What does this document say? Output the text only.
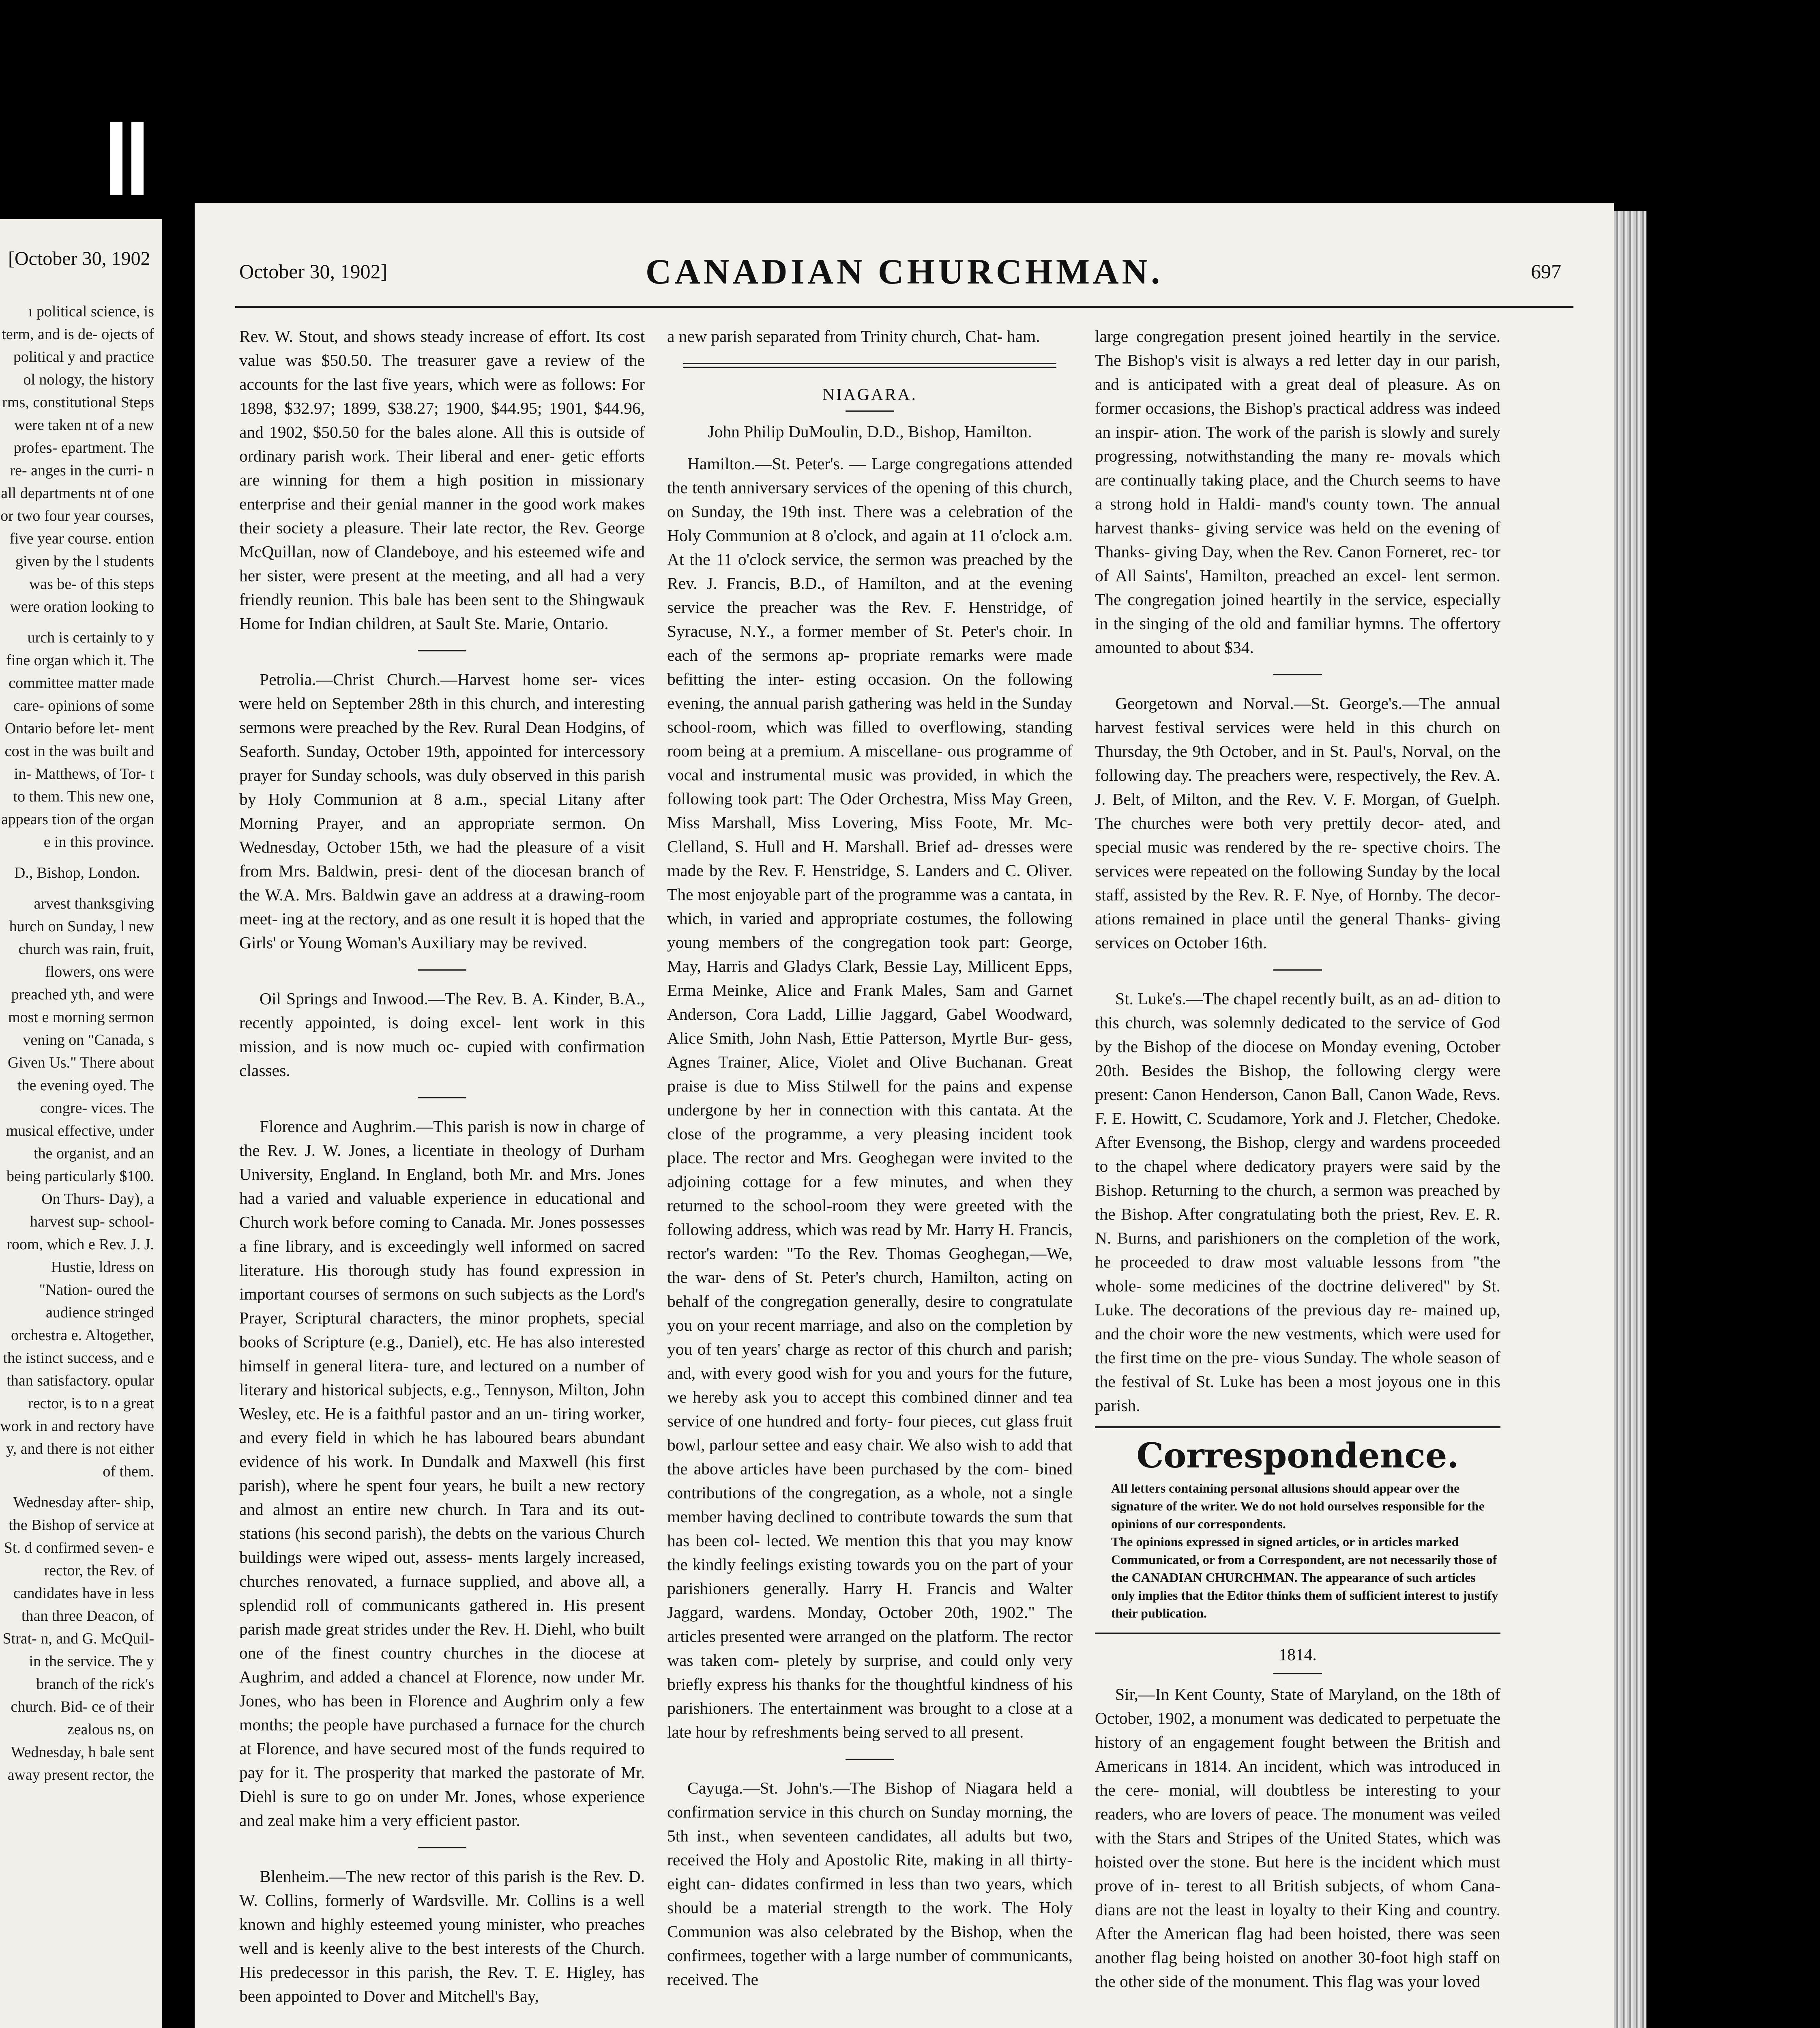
[October 30, 1902

ı political science, is term, and is de- ojects of political y and practice ol nology, the history rms, constitutional Steps were taken nt of a new profes- epartment. The re- anges in the curri- n all departments nt of one or two four year courses, five year course. ention given by the l students was be- of this steps were oration looking to

urch is certainly to y fine organ which it. The committee matter made care- opinions of some Ontario before let- ment cost in the was built and in- Matthews, of Tor- t to them. This new one, appears tion of the organ e in this province.

D., Bishop, London.

arvest thanksgiving hurch on Sunday, l new church was rain, fruit, flowers, ons were preached yth, and were most e morning sermon vening on "Canada, s Given Us." There about the evening oyed. The congre- vices. The musical effective, under the organist, and an being particularly $100. On Thurs- Day), a harvest sup- school-room, which e Rev. J. J. Hustie, ldress on "Nation- oured the audience stringed orchestra e. Altogether, the istinct success, and e than satisfactory. opular rector, is to n a great work in and rectory have y, and there is not either of them.

Wednesday after- ship, the Bishop of service at St. d confirmed seven- e rector, the Rev. of candidates have in less than three Deacon, of Strat- n, and G. McQuil- in the service. The y branch of the rick's church. Bid- ce of their zealous ns, on Wednesday, h bale sent away present rector, the

October 30, 1902]	CANADIAN CHURCHMAN.	697

Rev. W. Stout, and shows steady increase of effort. Its cost value was $50.50. The treasurer gave a review of the accounts for the last five years, which were as follows: For 1898, $32.97; 1899, $38.27; 1900, $44.95; 1901, $44.96, and 1902, $50.50 for the bales alone. All this is outside of ordinary parish work. Their liberal and ener- getic efforts are winning for them a high position in missionary enterprise and their genial manner in the good work makes their society a pleasure. Their late rector, the Rev. George McQuillan, now of Clandeboye, and his esteemed wife and her sister, were present at the meeting, and all had a very friendly reunion. This bale has been sent to the Shingwauk Home for Indian children, at Sault Ste. Marie, Ontario.

Petrolia.—Christ Church.—Harvest home ser- vices were held on September 28th in this church, and interesting sermons were preached by the Rev. Rural Dean Hodgins, of Seaforth. Sunday, October 19th, appointed for intercessory prayer for Sunday schools, was duly observed in this parish by Holy Communion at 8 a.m., special Litany after Morning Prayer, and an appropriate sermon. On Wednesday, October 15th, we had the pleasure of a visit from Mrs. Baldwin, presi- dent of the diocesan branch of the W.A. Mrs. Baldwin gave an address at a drawing-room meet- ing at the rectory, and as one result it is hoped that the Girls' or Young Woman's Auxiliary may be revived.

Oil Springs and Inwood.—The Rev. B. A. Kinder, B.A., recently appointed, is doing excel- lent work in this mission, and is now much oc- cupied with confirmation classes.

Florence and Aughrim.—This parish is now in charge of the Rev. J. W. Jones, a licentiate in theology of Durham University, England. In England, both Mr. and Mrs. Jones had a varied and valuable experience in educational and Church work before coming to Canada. Mr. Jones possesses a fine library, and is exceedingly well informed on sacred literature. His thorough study has found expression in important courses of sermons on such subjects as the Lord's Prayer, Scriptural characters, the minor prophets, special books of Scripture (e.g., Daniel), etc. He has also interested himself in general litera- ture, and lectured on a number of literary and historical subjects, e.g., Tennyson, Milton, John Wesley, etc. He is a faithful pastor and an un- tiring worker, and every field in which he has laboured bears abundant evidence of his work. In Dundalk and Maxwell (his first parish), where he spent four years, he built a new rectory and almost an entire new church. In Tara and its out- stations (his second parish), the debts on the various Church buildings were wiped out, assess- ments largely increased, churches renovated, a furnace supplied, and above all, a splendid roll of communicants gathered in. His present parish made great strides under the Rev. H. Diehl, who built one of the finest country churches in the diocese at Aughrim, and added a chancel at Florence, now under Mr. Jones, who has been in Florence and Aughrim only a few months; the people have purchased a furnace for the church at Florence, and have secured most of the funds required to pay for it. The prosperity that marked the pastorate of Mr. Diehl is sure to go on under Mr. Jones, whose experience and zeal make him a very efficient pastor.

Blenheim.—The new rector of this parish is the Rev. D. W. Collins, formerly of Wardsville. Mr. Collins is a well known and highly esteemed young minister, who preaches well and is keenly alive to the best interests of the Church. His predecessor in this parish, the Rev. T. E. Higley, has been appointed to Dover and Mitchell's Bay,

a new parish separated from Trinity church, Chat- ham.

NIAGARA.
John Philip DuMoulin, D.D., Bishop, Hamilton.

Hamilton.—St. Peter's. — Large congregations attended the tenth anniversary services of the opening of this church, on Sunday, the 19th inst. There was a celebration of the Holy Communion at 8 o'clock, and again at 11 o'clock a.m. At the 11 o'clock service, the sermon was preached by the Rev. J. Francis, B.D., of Hamilton, and at the evening service the preacher was the Rev. F. Henstridge, of Syracuse, N.Y., a former member of St. Peter's choir. In each of the sermons ap- propriate remarks were made befitting the inter- esting occasion. On the following evening, the annual parish gathering was held in the Sunday school-room, which was filled to overflowing, standing room being at a premium. A miscellane- ous programme of vocal and instrumental music was provided, in which the following took part: The Oder Orchestra, Miss May Green, Miss Marshall, Miss Lovering, Miss Foote, Mr. Mc- Clelland, S. Hull and H. Marshall. Brief ad- dresses were made by the Rev. F. Henstridge, S. Landers and C. Oliver. The most enjoyable part of the programme was a cantata, in which, in varied and appropriate costumes, the following young members of the congregation took part: George, May, Harris and Gladys Clark, Bessie Lay, Millicent Epps, Erma Meinke, Alice and Frank Males, Sam and Garnet Anderson, Cora Ladd, Lillie Jaggard, Gabel Woodward, Alice Smith, John Nash, Ettie Patterson, Myrtle Bur- gess, Agnes Trainer, Alice, Violet and Olive Buchanan. Great praise is due to Miss Stilwell for the pains and expense undergone by her in connection with this cantata. At the close of the programme, a very pleasing incident took place. The rector and Mrs. Geoghegan were invited to the adjoining cottage for a few minutes, and when they returned to the school-room they were greeted with the following address, which was read by Mr. Harry H. Francis, rector's warden: "To the Rev. Thomas Geoghegan,—We, the war- dens of St. Peter's church, Hamilton, acting on behalf of the congregation generally, desire to congratulate you on your recent marriage, and also on the completion by you of ten years' charge as rector of this church and parish; and, with every good wish for you and yours for the future, we hereby ask you to accept this combined dinner and tea service of one hundred and forty- four pieces, cut glass fruit bowl, parlour settee and easy chair. We also wish to add that the above articles have been purchased by the com- bined contributions of the congregation, as a whole, not a single member having declined to contribute towards the sum that has been col- lected. We mention this that you may know the kindly feelings existing towards you on the part of your parishioners generally. Harry H. Francis and Walter Jaggard, wardens. Monday, October 20th, 1902." The articles presented were arranged on the platform. The rector was taken com- pletely by surprise, and could only very briefly express his thanks for the thoughtful kindness of his parishioners. The entertainment was brought to a close at a late hour by refreshments being served to all present.

Cayuga.—St. John's.—The Bishop of Niagara held a confirmation service in this church on Sunday morning, the 5th inst., when seventeen candidates, all adults but two, received the Holy and Apostolic Rite, making in all thirty-eight can- didates confirmed in less than two years, which should be a material strength to the work. The Holy Communion was also celebrated by the Bishop, when the confirmees, together with a large number of communicants, received. The

large congregation present joined heartily in the service. The Bishop's visit is always a red letter day in our parish, and is anticipated with a great deal of pleasure. As on former occasions, the Bishop's practical address was indeed an inspir- ation. The work of the parish is slowly and surely progressing, notwithstanding the many re- movals which are continually taking place, and the Church seems to have a strong hold in Haldi- mand's county town. The annual harvest thanks- giving service was held on the evening of Thanks- giving Day, when the Rev. Canon Forneret, rec- tor of All Saints', Hamilton, preached an excel- lent sermon. The congregation joined heartily in the service, especially in the singing of the old and familiar hymns. The offertory amounted to about $34.

Georgetown and Norval.—St. George's.—The annual harvest festival services were held in this church on Thursday, the 9th October, and in St. Paul's, Norval, on the following day. The preachers were, respectively, the Rev. A. J. Belt, of Milton, and the Rev. V. F. Morgan, of Guelph. The churches were both very prettily decor- ated, and special music was rendered by the re- spective choirs. The services were repeated on the following Sunday by the local staff, assisted by the Rev. R. F. Nye, of Hornby. The decor- ations remained in place until the general Thanks- giving services on October 16th.

St. Luke's.—The chapel recently built, as an ad- dition to this church, was solemnly dedicated to the service of God by the Bishop of the diocese on Monday evening, October 20th. Besides the Bishop, the following clergy were present: Canon Henderson, Canon Ball, Canon Wade, Revs. F. E. Howitt, C. Scudamore, York and J. Fletcher, Chedoke. After Evensong, the Bishop, clergy and wardens proceeded to the chapel where dedicatory prayers were said by the Bishop. Returning to the church, a sermon was preached by the Bishop. After congratulating both the priest, Rev. E. R. N. Burns, and parishioners on the completion of the work, he proceeded to draw most valuable lessons from "the whole- some medicines of the doctrine delivered" by St. Luke. The decorations of the previous day re- mained up, and the choir wore the new vestments, which were used for the first time on the pre- vious Sunday. The whole season of the festival of St. Luke has been a most joyous one in this parish.

Correspondence.

All letters containing personal allusions should appear over the signature of the writer. We do not hold ourselves responsible for the opinions of our correspondents.

The opinions expressed in signed articles, or in articles marked Communicated, or from a Correspondent, are not necessarily those of the CANADIAN CHURCHMAN. The appearance of such articles only implies that the Editor thinks them of sufficient interest to justify their publication.

1814.

Sir,—In Kent County, State of Maryland, on the 18th of October, 1902, a monument was dedicated to perpetuate the history of an engagement fought between the British and Americans in 1814. An incident, which was introduced in the cere- monial, will doubtless be interesting to your readers, who are lovers of peace. The monument was veiled with the Stars and Stripes of the United States, which was hoisted over the stone. But here is the incident which must prove of in- terest to all British subjects, of whom Cana- dians are not the least in loyalty to their King and country. After the American flag had been hoisted, there was seen another flag being hoisted on another 30-foot high staff on the other side of the monument. This flag was your loved
